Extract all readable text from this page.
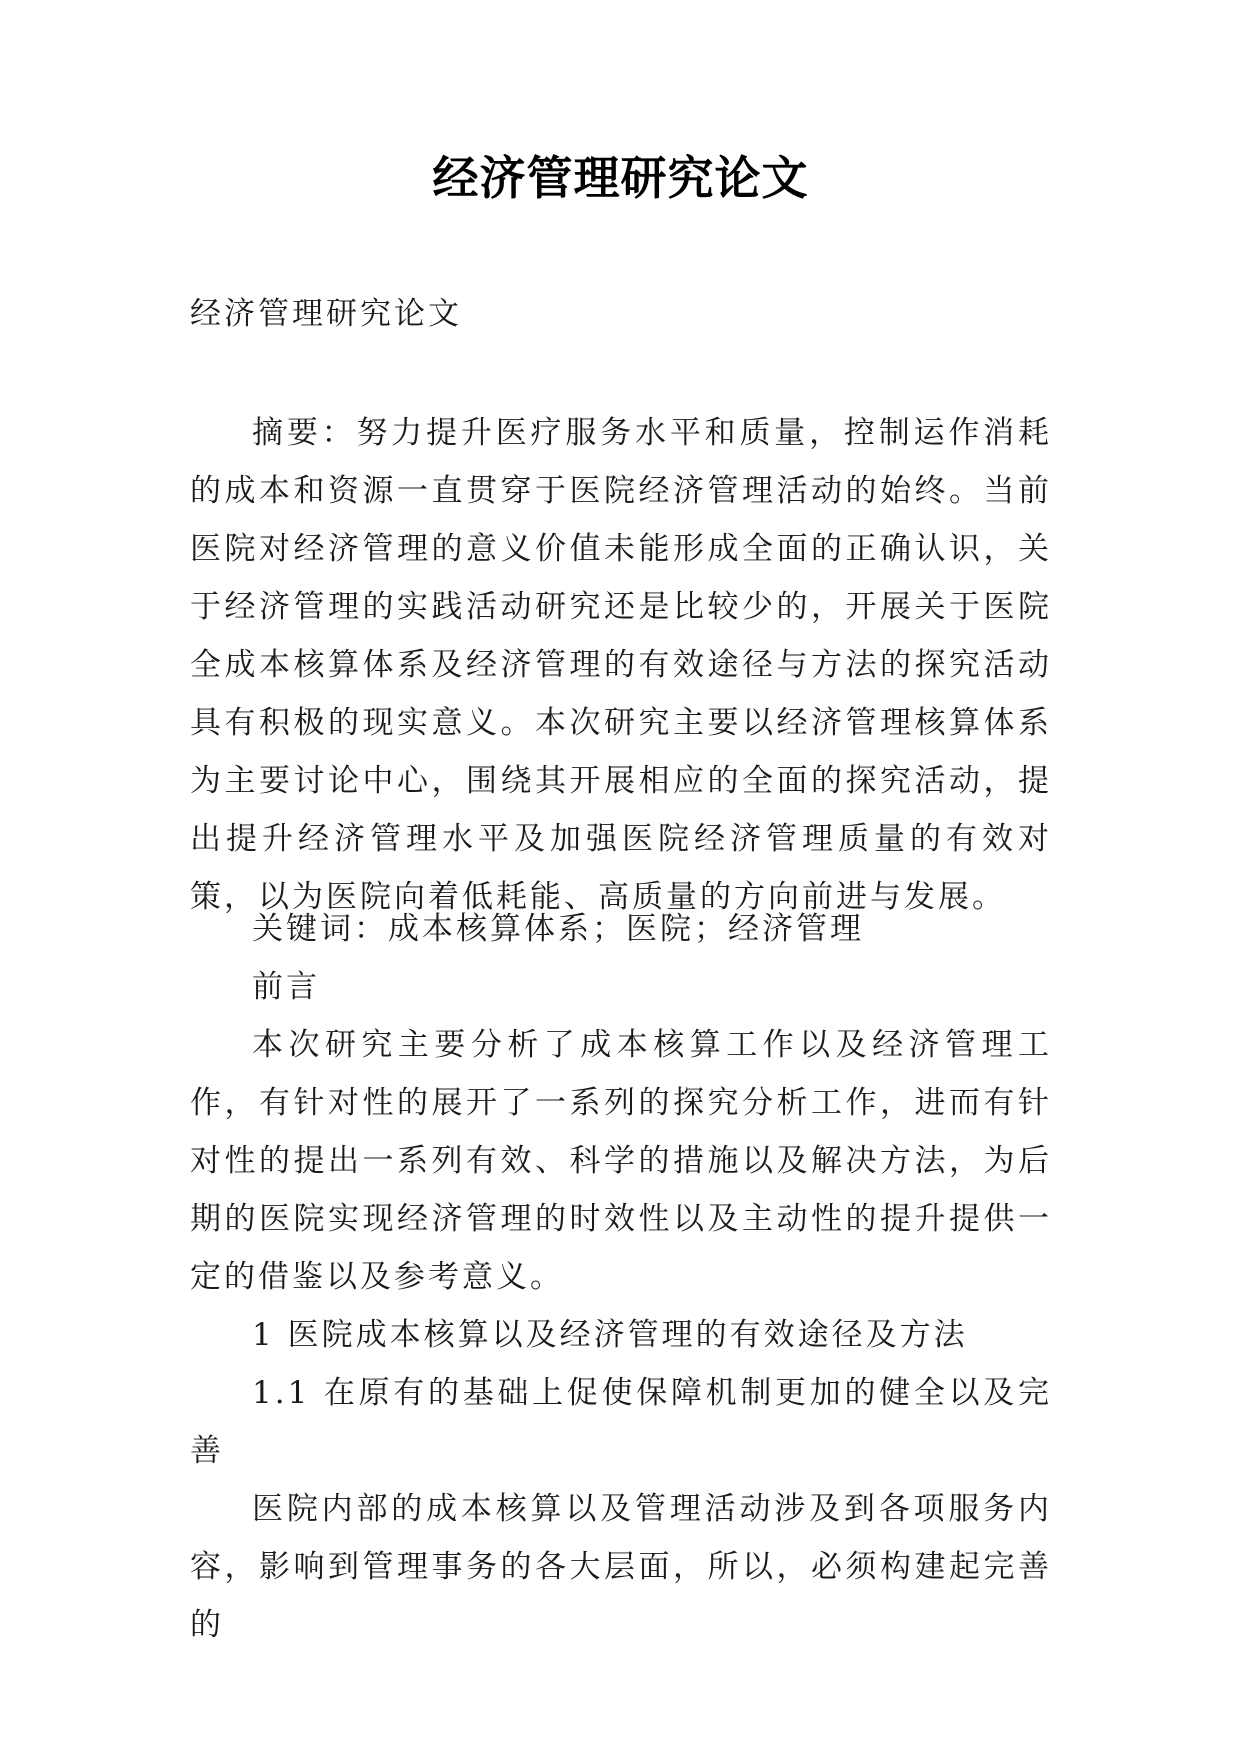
经济管理研究论文
经济管理研究论文

摘要：努力提升医疗服务水平和质量，控制运作消耗的成本和资源一直贯穿于医院经济管理活动的始终。当前医院对经济管理的意义价值未能形成全面的正确认识，关于经济管理的实践活动研究还是比较少的，开展关于医院全成本核算体系及经济管理的有效途径与方法的探究活动具有积极的现实意义。本次研究主要以经济管理核算体系为主要讨论中心，围绕其开展相应的全面的探究活动，提出提升经济管理水平及加强医院经济管理质量的有效对策，以为医院向着低耗能、高质量的方向前进与发展。

关键词：成本核算体系；医院；经济管理

前言

本次研究主要分析了成本核算工作以及经济管理工作，有针对性的展开了一系列的探究分析工作，进而有针对性的提出一系列有效、科学的措施以及解决方法，为后期的医院实现经济管理的时效性以及主动性的提升提供一定的借鉴以及参考意义。

1 医院成本核算以及经济管理的有效途径及方法

1.1 在原有的基础上促使保障机制更加的健全以及完善

医院内部的成本核算以及管理活动涉及到各项服务内容，影响到管理事务的各大层面，所以，必须构建起完善的
